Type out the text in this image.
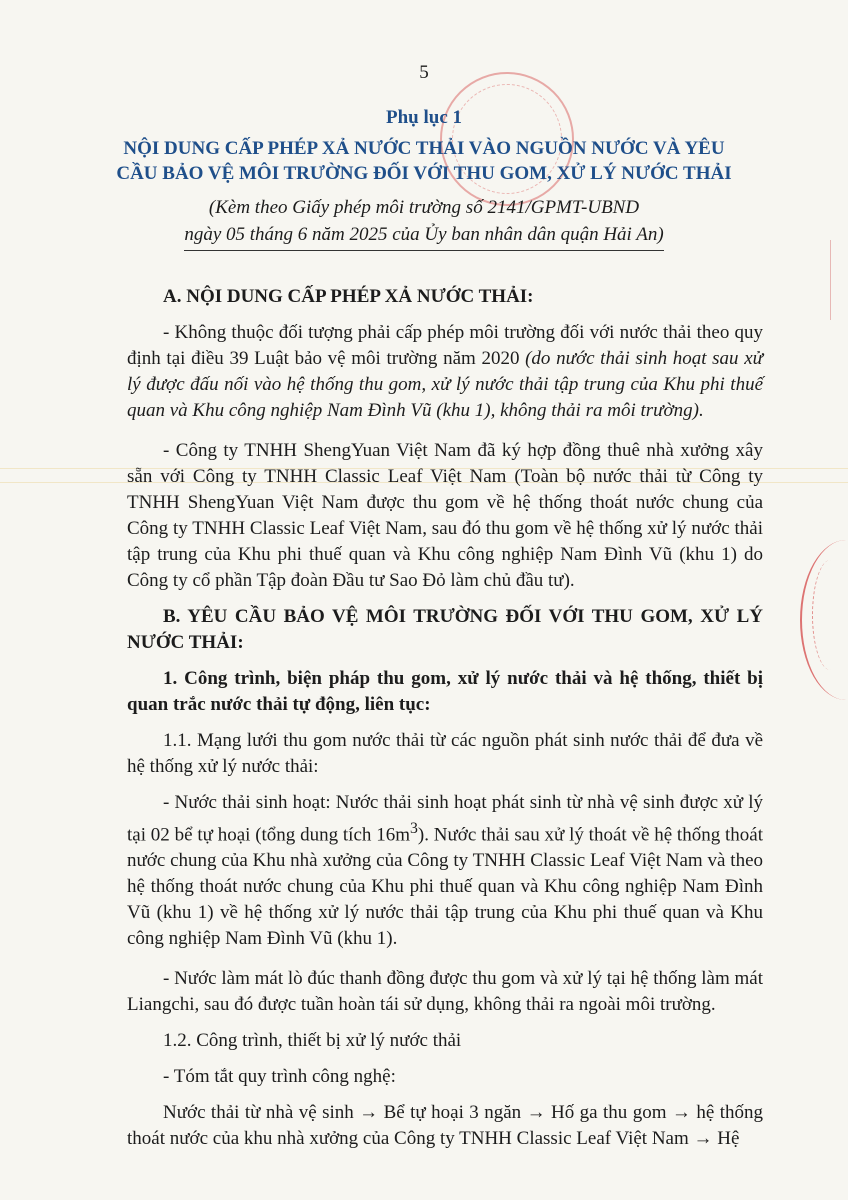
5
Phụ lục 1
NỘI DUNG CẤP PHÉP XẢ NƯỚC THẢI VÀO NGUỒN NƯỚC VÀ YÊU
CẦU BẢO VỆ MÔI TRƯỜNG ĐỐI VỚI THU GOM, XỬ LÝ NƯỚC THẢI
(Kèm theo Giấy phép môi trường số 2141/GPMT-UBND
ngày 05 tháng 6 năm 2025 của Ủy ban nhân dân quận Hải An)

A. NỘI DUNG CẤP PHÉP XẢ NƯỚC THẢI:

- Không thuộc đối tượng phải cấp phép môi trường đối với nước thải theo quy định tại điều 39 Luật bảo vệ môi trường năm 2020 (do nước thải sinh hoạt sau xử lý được đấu nối vào hệ thống thu gom, xử lý nước thải tập trung của Khu phi thuế quan và Khu công nghiệp Nam Đình Vũ (khu 1), không thải ra môi trường).

- Công ty TNHH ShengYuan Việt Nam đã ký hợp đồng thuê nhà xưởng xây sẵn với Công ty TNHH Classic Leaf Việt Nam (Toàn bộ nước thải từ Công ty TNHH ShengYuan Việt Nam được thu gom về hệ thống thoát nước chung của Công ty TNHH Classic Leaf Việt Nam, sau đó thu gom về hệ thống xử lý nước thải tập trung của Khu phi thuế quan và Khu công nghiệp Nam Đình Vũ (khu 1) do Công ty cổ phần Tập đoàn Đầu tư Sao Đỏ làm chủ đầu tư).

B. YÊU CẦU BẢO VỆ MÔI TRƯỜNG ĐỐI VỚI THU GOM, XỬ LÝ NƯỚC THẢI:

1. Công trình, biện pháp thu gom, xử lý nước thải và hệ thống, thiết bị quan trắc nước thải tự động, liên tục:

1.1. Mạng lưới thu gom nước thải từ các nguồn phát sinh nước thải để đưa về hệ thống xử lý nước thải:

- Nước thải sinh hoạt: Nước thải sinh hoạt phát sinh từ nhà vệ sinh được xử lý tại 02 bể tự hoại (tổng dung tích $16m^3$). Nước thải sau xử lý thoát về hệ thống thoát nước chung của Khu nhà xưởng của Công ty TNHH Classic Leaf Việt Nam và theo hệ thống thoát nước chung của Khu phi thuế quan và Khu công nghiệp Nam Đình Vũ (khu 1) về hệ thống xử lý nước thải tập trung của Khu phi thuế quan và Khu công nghiệp Nam Đình Vũ (khu 1).

- Nước làm mát lò đúc thanh đồng được thu gom và xử lý tại hệ thống làm mát Liangchi, sau đó được tuần hoàn tái sử dụng, không thải ra ngoài môi trường.

1.2. Công trình, thiết bị xử lý nước thải

- Tóm tắt quy trình công nghệ:

Nước thải từ nhà vệ sinh → Bể tự hoại 3 ngăn → Hố ga thu gom → hệ thống thoát nước của khu nhà xưởng của Công ty TNHH Classic Leaf Việt Nam → Hệ
